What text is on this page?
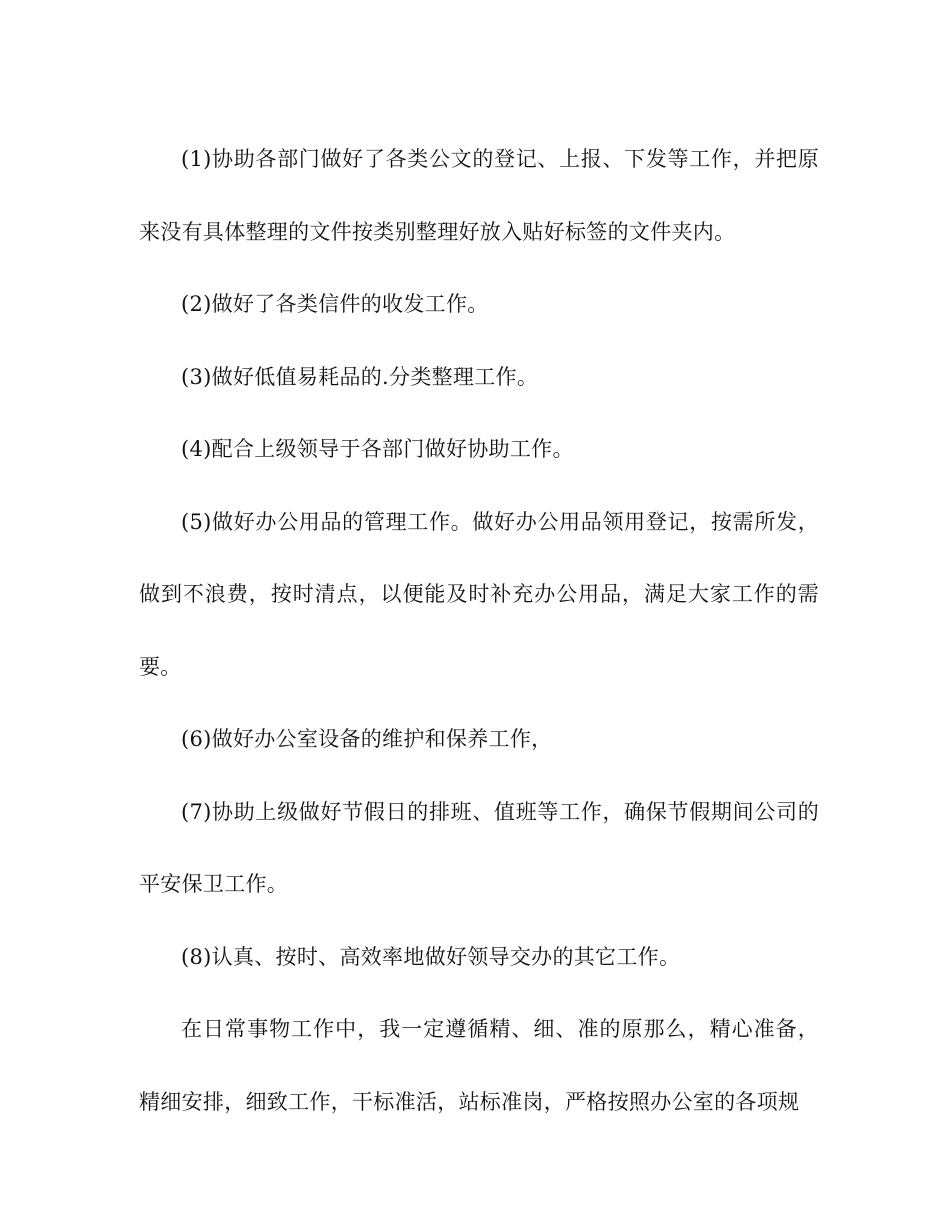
(1)协助各部门做好了各类公文的登记、上报、下发等工作，并把原来没有具体整理的文件按类别整理好放入贴好标签的文件夹内。

(2)做好了各类信件的收发工作。

(3)做好低值易耗品的.分类整理工作。

(4)配合上级领导于各部门做好协助工作。

(5)做好办公用品的管理工作。做好办公用品领用登记，按需所发，做到不浪费，按时清点，以便能及时补充办公用品，满足大家工作的需要。

(6)做好办公室设备的维护和保养工作，

(7)协助上级做好节假日的排班、值班等工作，确保节假期间公司的平安保卫工作。

(8)认真、按时、高效率地做好领导交办的其它工作。

在日常事物工作中，我一定遵循精、细、准的原那么，精心准备，精细安排，细致工作，干标准活，站标准岗，严格按照办公室的各项规
